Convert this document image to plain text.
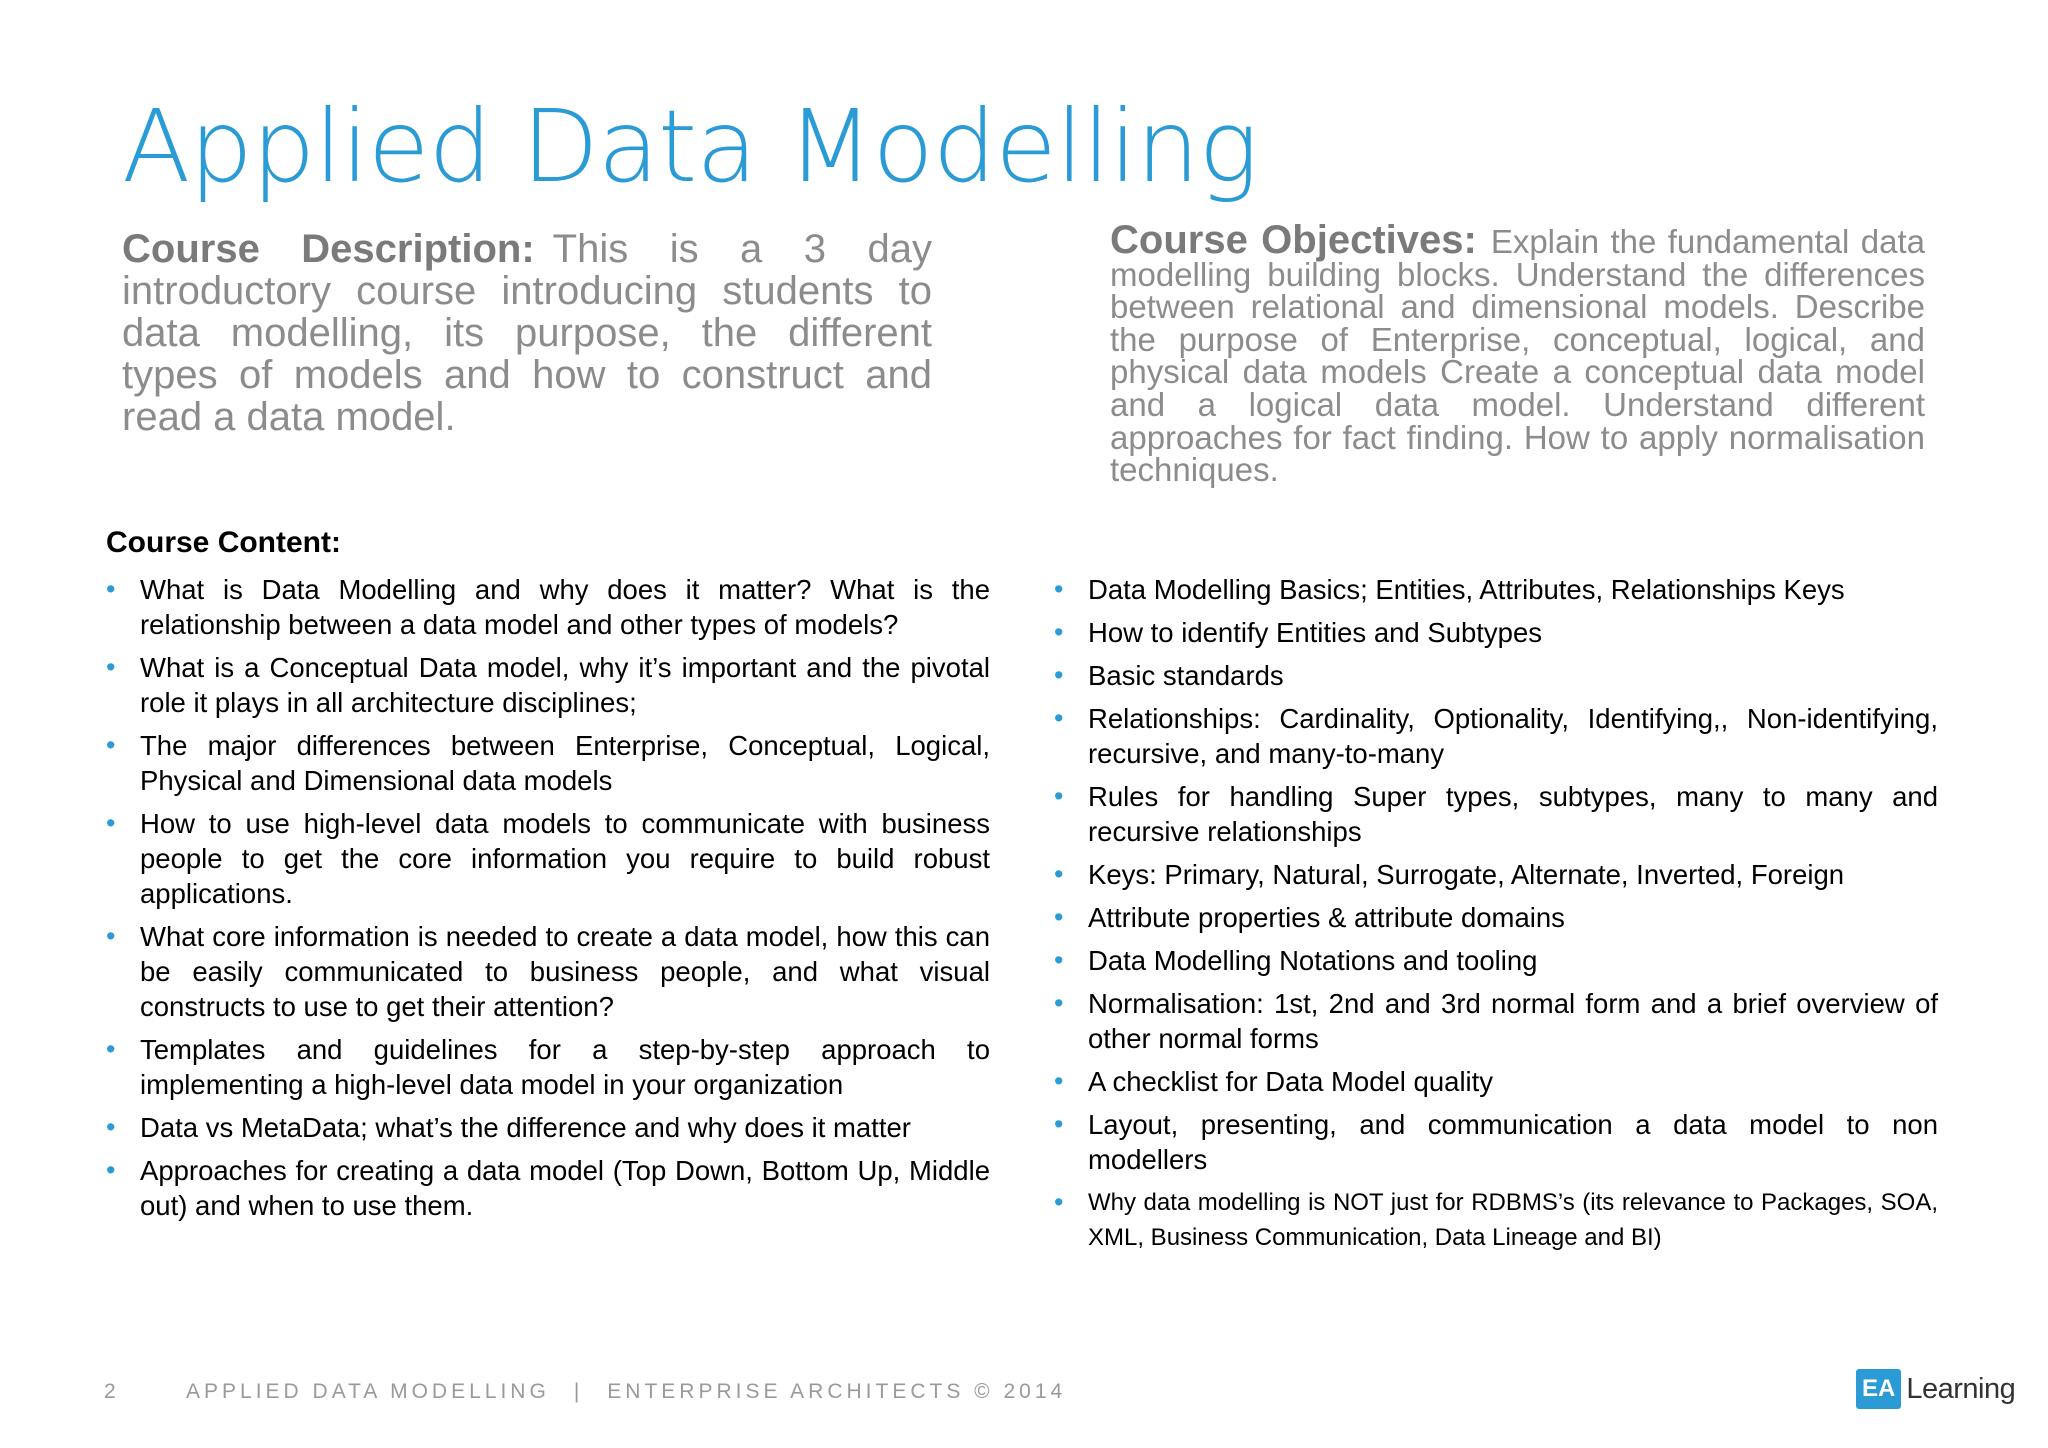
Applied Data Modelling

Course Description: This is a 3 day introductory course introducing students to data modelling, its purpose, the different types of models and how to construct and read a data model.

Course Objectives: Explain the fundamental data modelling building blocks. Understand the differences between relational and dimensional models. Describe the purpose of Enterprise, conceptual, logical, and physical data models Create a conceptual data model and a logical data model. Understand different approaches for fact finding. How to apply normalisation techniques.

Course Content:
• What is Data Modelling and why does it matter? What is the relationship between a data model and other types of models?
• What is a Conceptual Data model, why it’s important and the pivotal role it plays in all architecture disciplines;
• The major differences between Enterprise, Conceptual, Logical, Physical and Dimensional data models
• How to use high-level data models to communicate with business people to get the core information you require to build robust applications.
• What core information is needed to create a data model, how this can be easily communicated to business people, and what visual constructs to use to get their attention?
• Templates and guidelines for a step-by-step approach to implementing a high-level data model in your organization
• Data vs MetaData; what’s the difference and why does it matter
• Approaches for creating a data model (Top Down, Bottom Up, Middle out) and when to use them.
• Data Modelling Basics; Entities, Attributes, Relationships Keys
• How to identify Entities and Subtypes
• Basic standards
• Relationships: Cardinality, Optionality, Identifying,, Non-identifying, recursive, and many-to-many
• Rules for handling Super types, subtypes, many to many and recursive relationships
• Keys: Primary, Natural, Surrogate, Alternate, Inverted, Foreign
• Attribute properties & attribute domains
• Data Modelling Notations and tooling
• Normalisation: 1st, 2nd and 3rd normal form and a brief overview of other normal forms
• A checklist for Data Model quality
• Layout, presenting, and communication a data model to non modellers
• Why data modelling is NOT just for RDBMS’s (its relevance to Packages, SOA, XML, Business Communication, Data Lineage and BI)
2	APPLIED DATA MODELLING | ENTERPRISE ARCHITECTS © 2014	EA Learning
